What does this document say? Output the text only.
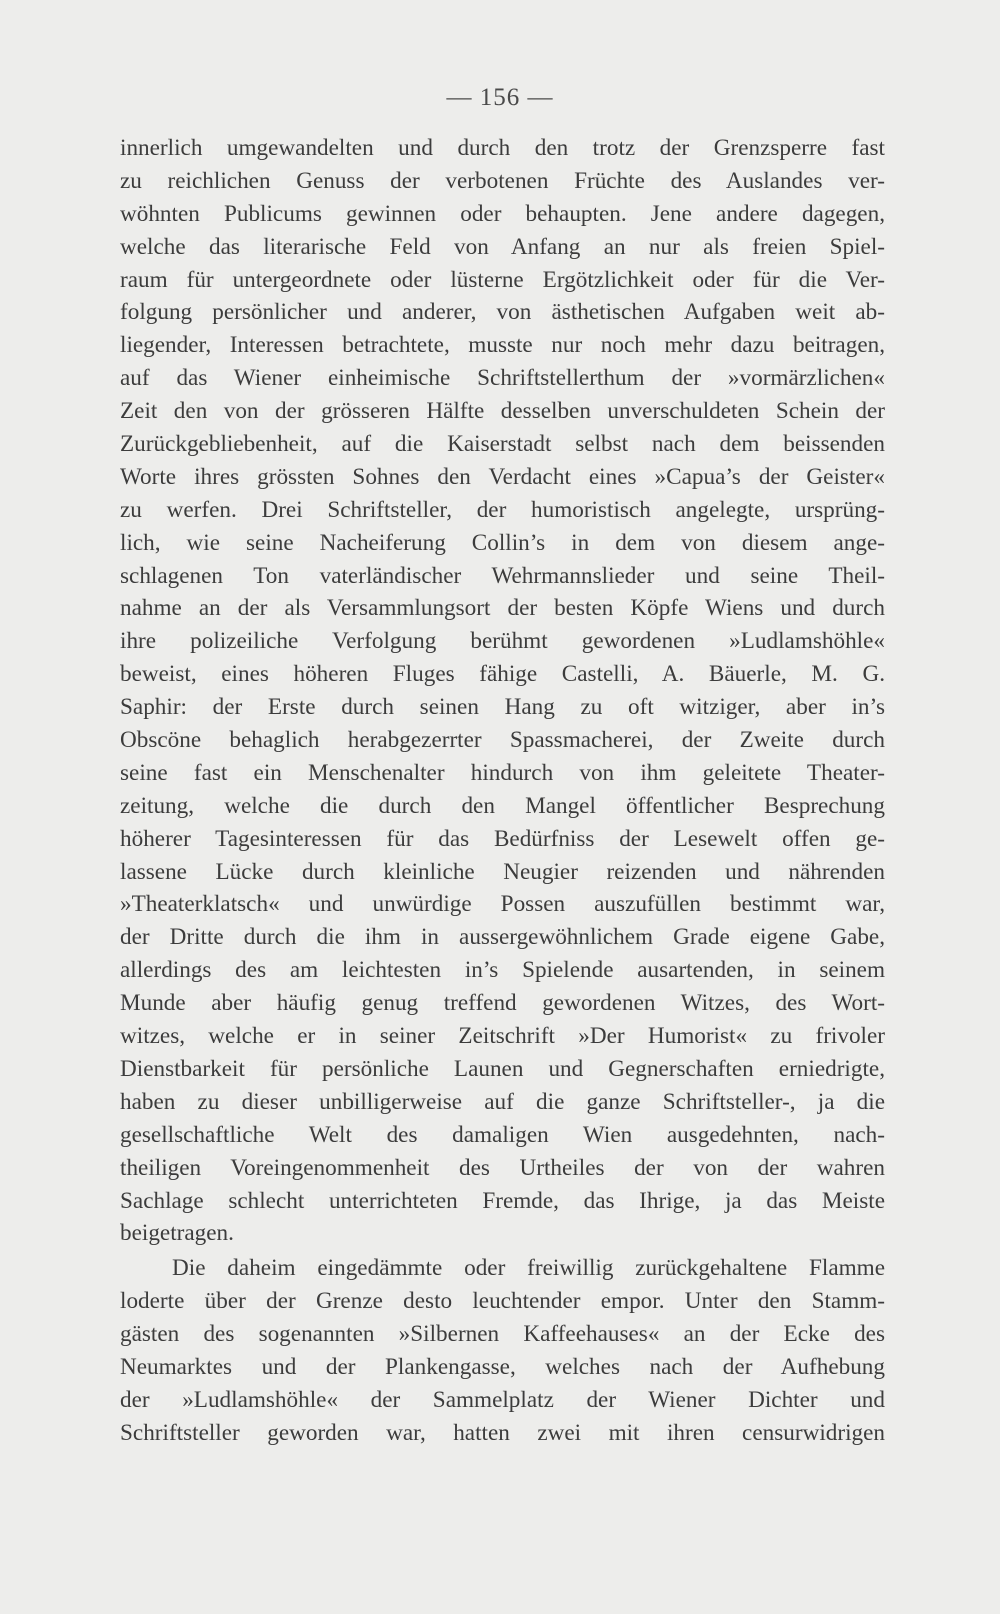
— 156 —
innerlich umgewandelten und durch den trotz der Grenzsperre fast
zu reichlichen Genuss der verbotenen Früchte des Auslandes ver-
wöhnten Publicums gewinnen oder behaupten. Jene andere dagegen,
welche das literarische Feld von Anfang an nur als freien Spiel-
raum für untergeordnete oder lüsterne Ergötzlichkeit oder für die Ver-
folgung persönlicher und anderer, von ästhetischen Aufgaben weit ab-
liegender, Interessen betrachtete, musste nur noch mehr dazu beitragen,
auf das Wiener einheimische Schriftstellerthum der »vormärzlichen«
Zeit den von der grösseren Hälfte desselben unverschuldeten Schein der
Zurückgebliebenheit, auf die Kaiserstadt selbst nach dem beissenden
Worte ihres grössten Sohnes den Verdacht eines »Capua’s der Geister«
zu werfen. Drei Schriftsteller, der humoristisch angelegte, ursprüng-
lich, wie seine Nacheiferung Collin’s in dem von diesem ange-
schlagenen Ton vaterländischer Wehrmannslieder und seine Theil-
nahme an der als Versammlungsort der besten Köpfe Wiens und durch
ihre polizeiliche Verfolgung berühmt gewordenen »Ludlamshöhle«
beweist, eines höheren Fluges fähige Castelli, A. Bäuerle, M. G.
Saphir: der Erste durch seinen Hang zu oft witziger, aber in’s
Obscöne behaglich herabgezerrter Spassmacherei, der Zweite durch
seine fast ein Menschenalter hindurch von ihm geleitete Theater-
zeitung, welche die durch den Mangel öffentlicher Besprechung
höherer Tagesinteressen für das Bedürfniss der Lesewelt offen ge-
lassene Lücke durch kleinliche Neugier reizenden und nährenden
»Theaterklatsch« und unwürdige Possen auszufüllen bestimmt war,
der Dritte durch die ihm in aussergewöhnlichem Grade eigene Gabe,
allerdings des am leichtesten in’s Spielende ausartenden, in seinem
Munde aber häufig genug treffend gewordenen Witzes, des Wort-
witzes, welche er in seiner Zeitschrift »Der Humorist« zu frivoler
Dienstbarkeit für persönliche Launen und Gegnerschaften erniedrigte,
haben zu dieser unbilligerweise auf die ganze Schriftsteller-, ja die
gesellschaftliche Welt des damaligen Wien ausgedehnten, nach-
theiligen Voreingenommenheit des Urtheiles der von der wahren
Sachlage schlecht unterrichteten Fremde, das Ihrige, ja das Meiste
beigetragen.
Die daheim eingedämmte oder freiwillig zurückgehaltene Flamme
loderte über der Grenze desto leuchtender empor. Unter den Stamm-
gästen des sogenannten »Silbernen Kaffeehauses« an der Ecke des
Neumarktes und der Plankengasse, welches nach der Aufhebung
der »Ludlamshöhle« der Sammelplatz der Wiener Dichter und
Schriftsteller geworden war, hatten zwei mit ihren censurwidrigen
